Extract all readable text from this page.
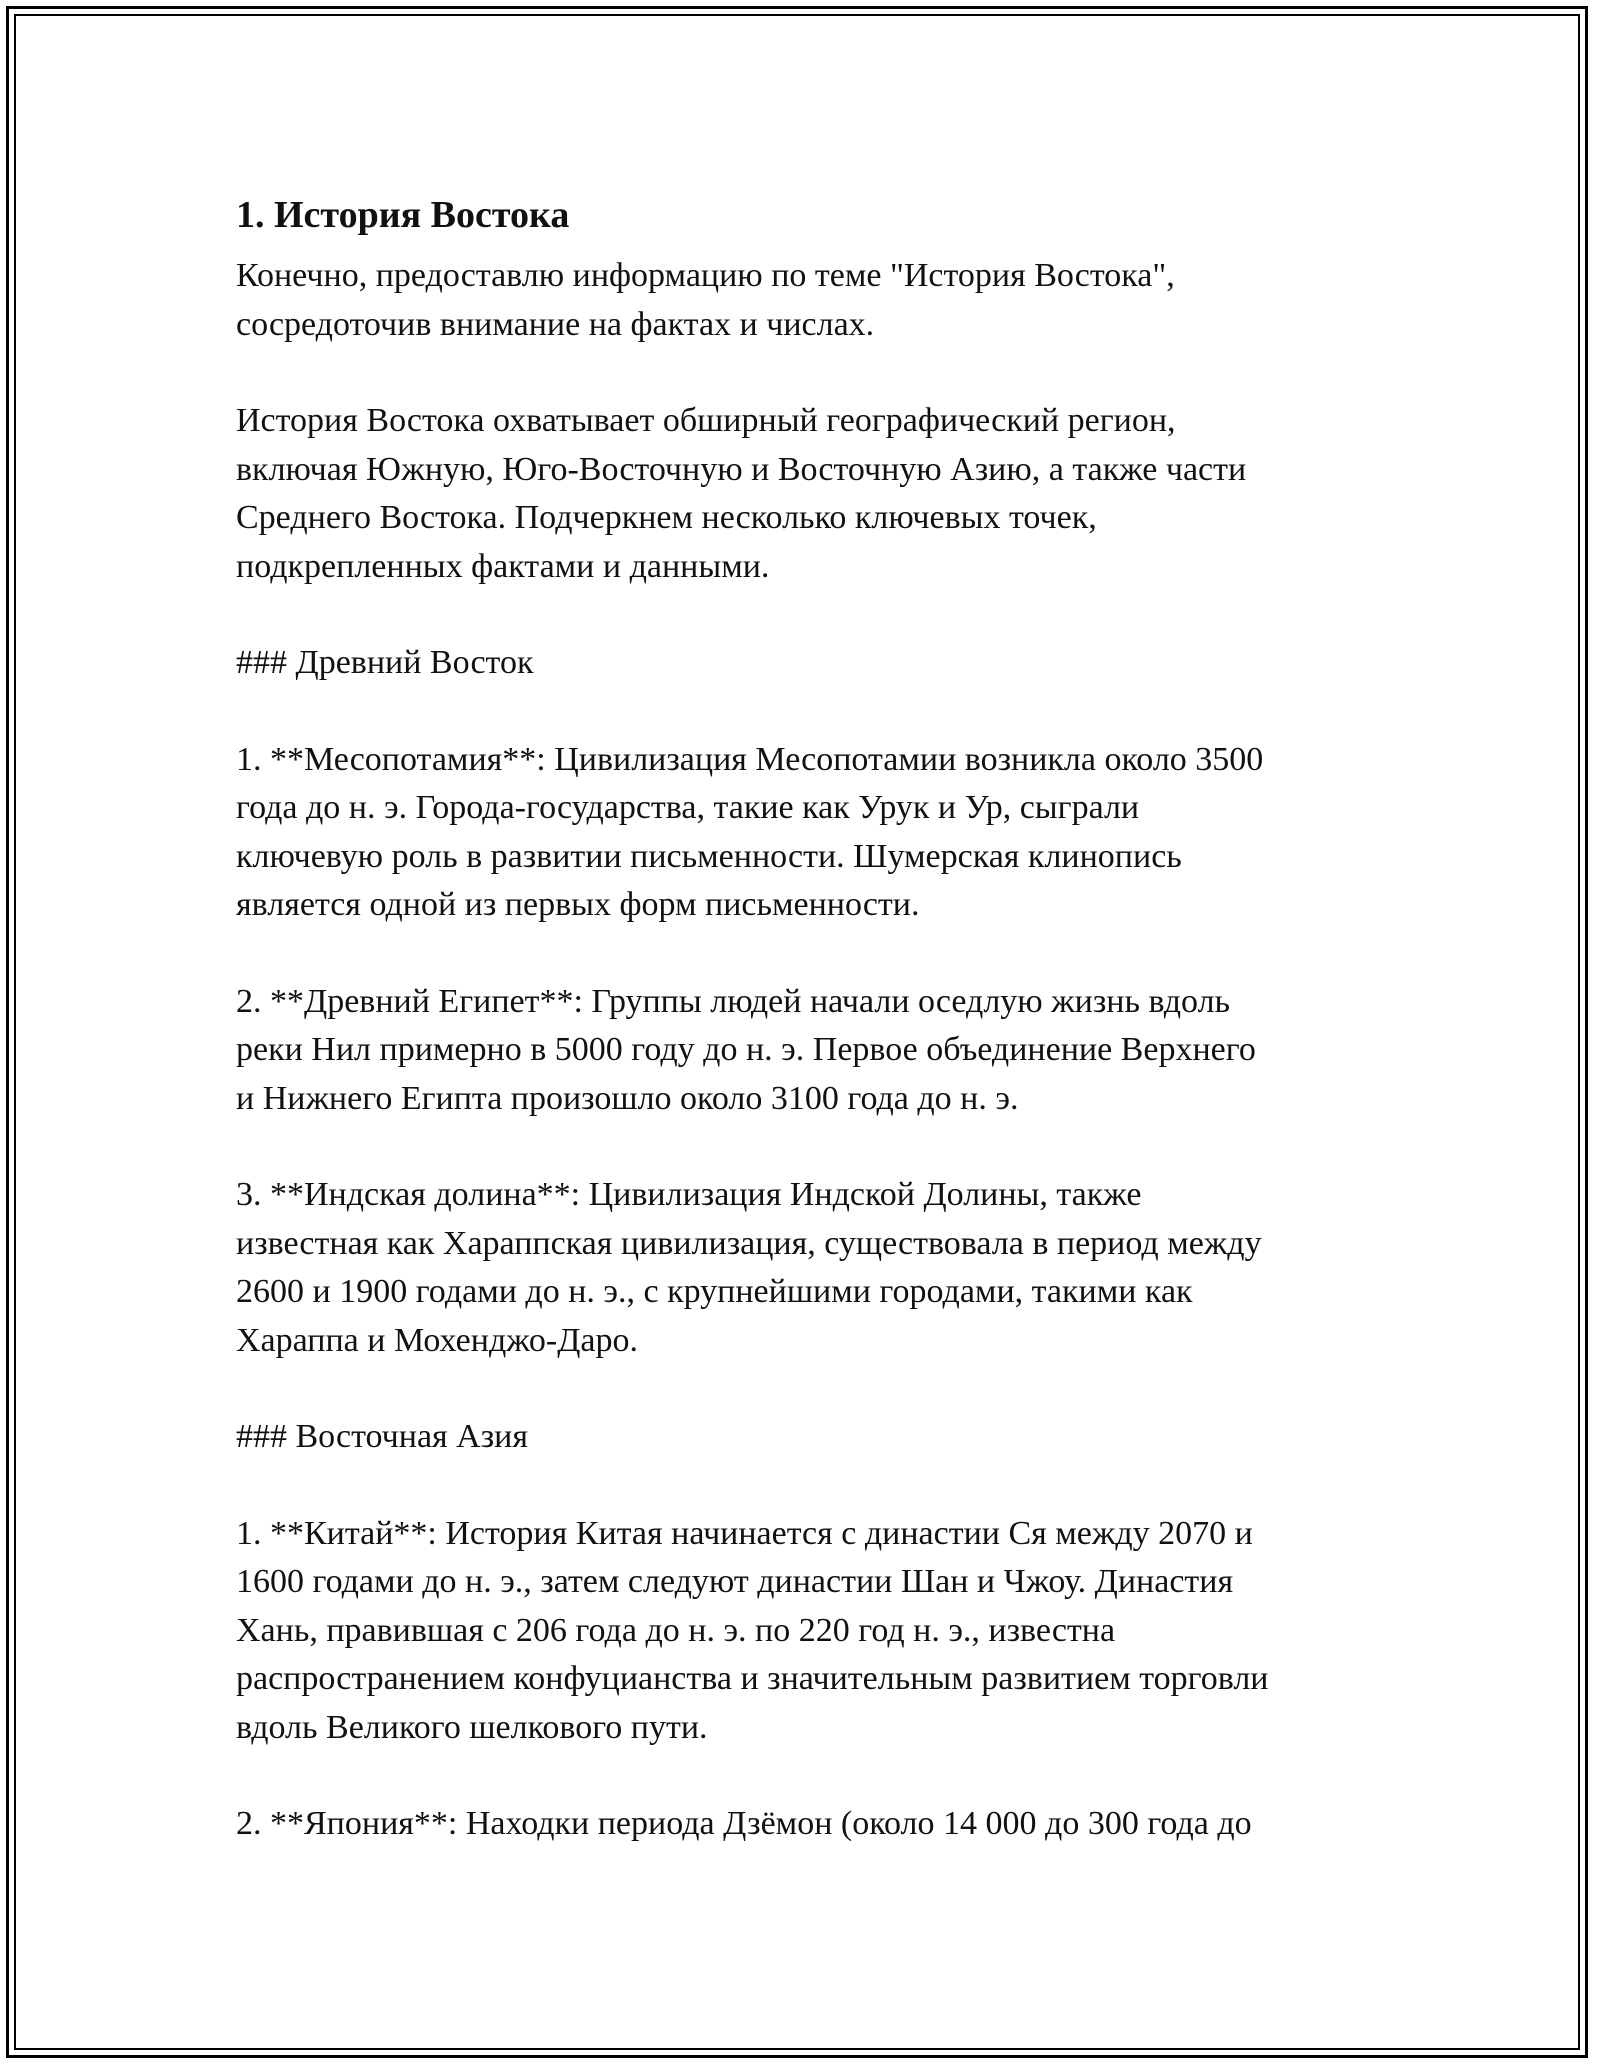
1. История Востока

Конечно, предоставлю информацию по теме "История Востока",
сосредоточив внимание на фактах и числах.

История Востока охватывает обширный географический регион,
включая Южную, Юго-Восточную и Восточную Азию, а также части
Среднего Востока. Подчеркнем несколько ключевых точек,
подкрепленных фактами и данными.

### Древний Восток

1. **Месопотамия**: Цивилизация Месопотамии возникла около 3500
года до н. э. Города-государства, такие как Урук и Ур, сыграли
ключевую роль в развитии письменности. Шумерская клинопись
является одной из первых форм письменности.

2. **Древний Египет**: Группы людей начали оседлую жизнь вдоль
реки Нил примерно в 5000 году до н. э. Первое объединение Верхнего
и Нижнего Египта произошло около 3100 года до н. э.

3. **Индская долина**: Цивилизация Индской Долины, также
известная как Хараппская цивилизация, существовала в период между
2600 и 1900 годами до н. э., с крупнейшими городами, такими как
Хараппа и Мохенджо-Даро.

### Восточная Азия

1. **Китай**: История Китая начинается с династии Ся между 2070 и
1600 годами до н. э., затем следуют династии Шан и Чжоу. Династия
Хань, правившая с 206 года до н. э. по 220 год н. э., известна
распространением конфуцианства и значительным развитием торговли
вдоль Великого шелкового пути.

2. **Япония**: Находки периода Дзёмон (около 14 000 до 300 года до
